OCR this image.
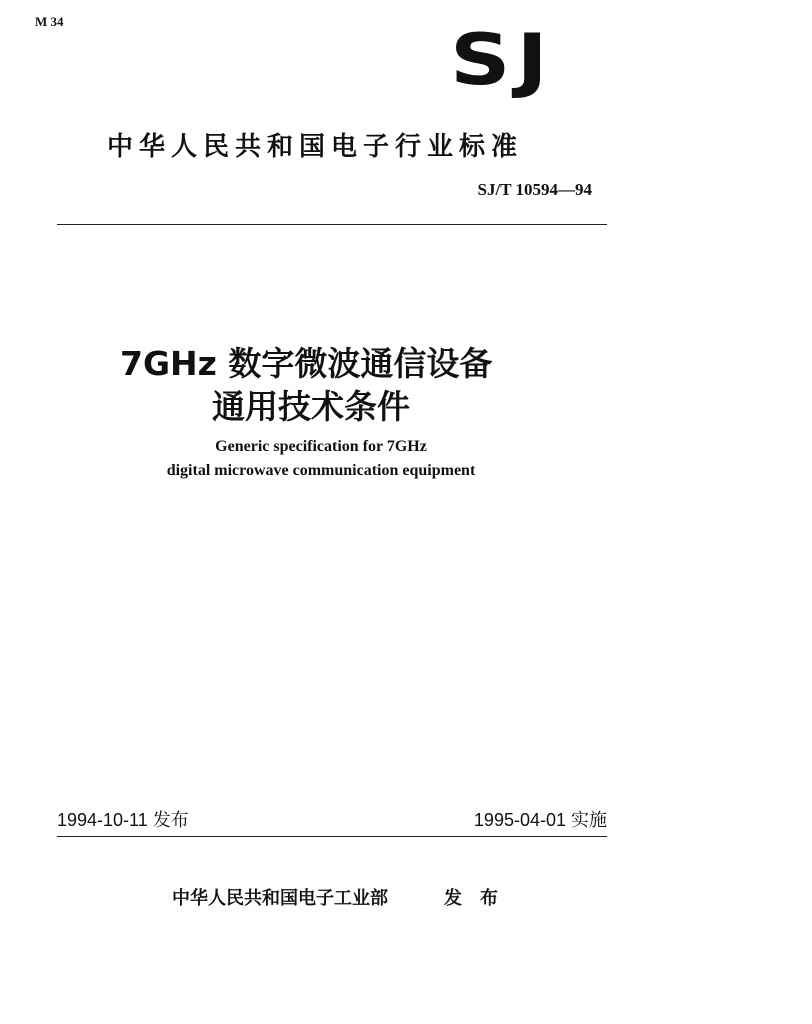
M 34	SJ
中华人民共和国电子行业标准
SJ/T 10594—94
7GHz 数字微波通信设备
通用技术条件
Generic specification for 7GHz
digital microwave communication equipment
1994-10-11 发布	1995-04-01 实施
中华人民共和国电子工业部	发布
